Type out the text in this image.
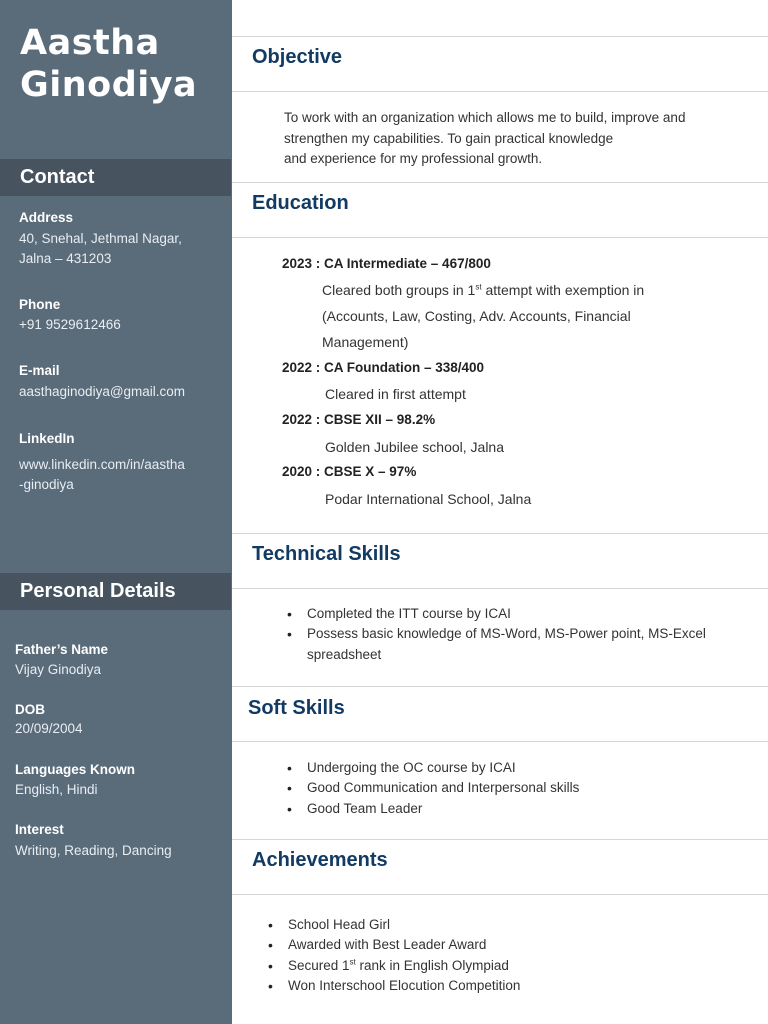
Aastha
Ginodiya
Contact
Address
40, Snehal, Jethmal Nagar,
Jalna – 431203
Phone
+91 9529612466
E-mail
aasthaginodiya@gmail.com
LinkedIn
www.linkedin.com/in/aastha
-ginodiya
Personal Details
Father’s Name
Vijay Ginodiya
DOB
20/09/2004
Languages Known
English, Hindi
Interest
Writing, Reading, Dancing
Objective
To work with an organization which allows me to build, improve and
strengthen my capabilities. To gain practical knowledge
and experience for my professional growth.
Education
2023 : CA Intermediate – 467/800
Cleared both groups in 1st attempt with exemption in
(Accounts, Law, Costing, Adv. Accounts, Financial
Management)
2022 : CA Foundation – 338/400
Cleared in first attempt
2022 : CBSE XII – 98.2%
Golden Jubilee school, Jalna
2020 : CBSE X – 97%
Podar International School, Jalna
Technical Skills
• Completed the ITT course by ICAI
• Possess basic knowledge of MS-Word, MS-Power point, MS-Excel
spreadsheet
Soft Skills
• Undergoing the OC course by ICAI
• Good Communication and Interpersonal skills
• Good Team Leader
Achievements
• School Head Girl
• Awarded with Best Leader Award
• Secured 1st rank in English Olympiad
• Won Interschool Elocution Competition
